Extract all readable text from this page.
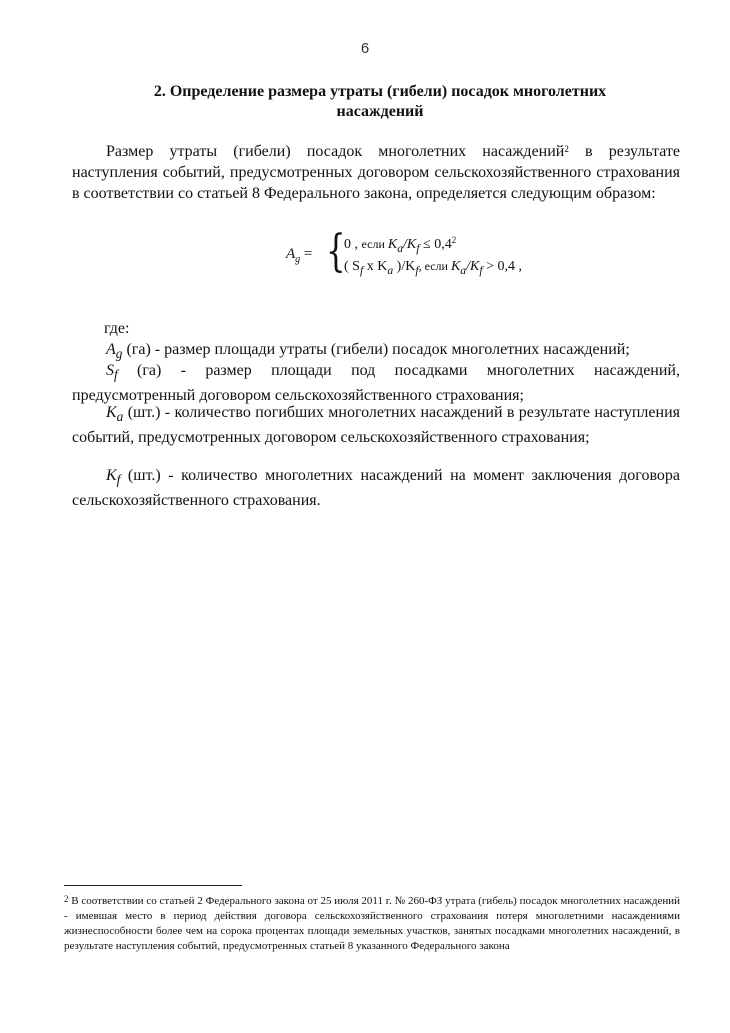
6
2. Определение размера утраты (гибели) посадок многолетних насаждений
Размер утраты (гибели) посадок многолетних насаждений$^2$ в результате наступления событий, предусмотренных договором сельскохозяйственного страхования в соответствии со статьей 8 Федерального закона, определяется следующим образом:
$A_g$ = {
0 , если $K_a/K_f \le 0,4^2$
( $S_f$ x $K_a$ )$/K_f$, если $K_a/K_f > 0,4$ ,
где:
$A_g$ (га) - размер площади утраты (гибели) посадок многолетних насаждений;
$S_f$ (га) - размер площади под посадками многолетних насаждений, предусмотренный договором сельскохозяйственного страхования;
$K_a$ (шт.) - количество погибших многолетних насаждений в результате наступления событий, предусмотренных договором сельскохозяйственного страхования;
$K_f$ (шт.) - количество многолетних насаждений на момент заключения договора сельскохозяйственного страхования.
$^2$ В соответствии со статьей 2 Федерального закона от 25 июля 2011 г. № 260-ФЗ утрата (гибель) посадок многолетних насаждений - имевшая место в период действия договора сельскохозяйственного страхования потеря многолетними насаждениями жизнеспособности более чем на сорока процентах площади земельных участков, занятых посадками многолетних насаждений, в результате наступления событий, предусмотренных статьей 8 указанного Федерального закона
